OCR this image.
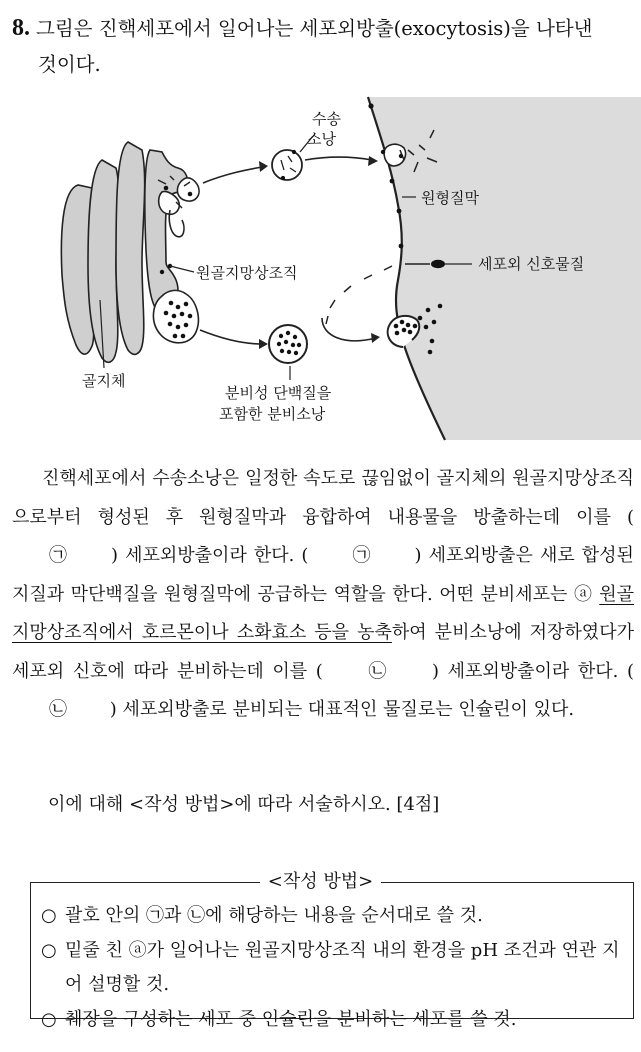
8. 그림은 진핵세포에서 일어나는 세포외방출(exocytosis)을 나타낸
것이다.
수송
소낭
원형질막
세포외 신호물질
원골지망상조직
골지체
분비성 단백질을
포함한 분비소낭
진핵세포에서 수송소낭은 일정한 속도로 끊임없이 골지체의 원골지망상조직으로부터 형성된 후 원형질막과 융합하여 내용물을 방출하는데 이를 ( ㉠ ) 세포외방출이라 한다. ( ㉠ ) 세포외방출은 새로 합성된 지질과 막단백질을 원형질막에 공급하는 역할을 한다. 어떤 분비세포는 ⓐ 원골지망상조직에서 호르몬이나 소화효소 등을 농축하여 분비소낭에 저장하였다가 세포외 신호에 따라 분비하는데 이를 (	㉡	) 세포외방출이라 한다. ( ㉡ ) 세포외방출로 분비되는 대표적인 물질로는 인슐린이 있다.
이에 대해 <작성 방법>에 따라 서술하시오. [4점]
<작성 방법>
○ 괄호 안의 ㉠과 ㉡에 해당하는 내용을 순서대로 쓸 것.
○ 밑줄 친 ⓐ가 일어나는 원골지망상조직 내의 환경을 pH 조건과 연관 지어 설명할 것.
○ 췌장을 구성하는 세포 중 인슐린을 분비하는 세포를 쓸 것.
